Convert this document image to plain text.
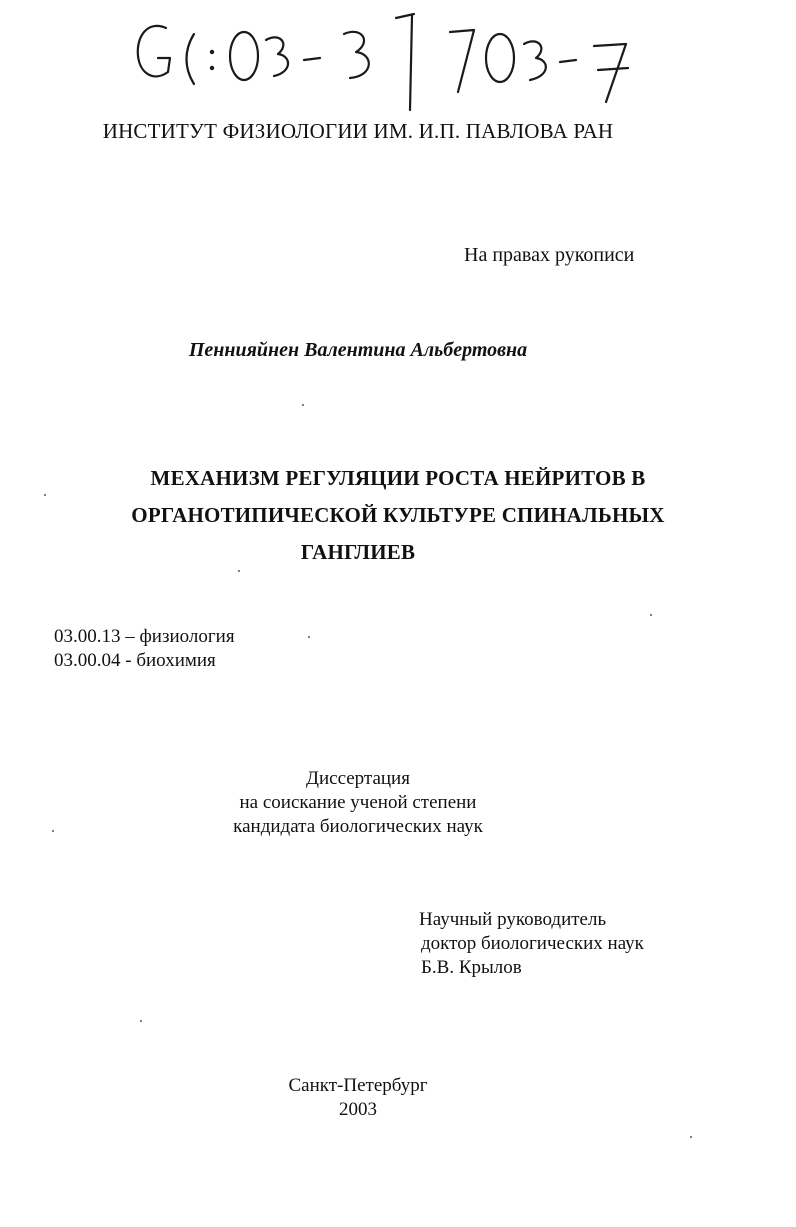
ИНСТИТУТ ФИЗИОЛОГИИ ИМ. И.П. ПАВЛОВА РАН
На правах рукописи
Пеннияйнен Валентина Альбертовна
МЕХАНИЗМ РЕГУЛЯЦИИ РОСТА НЕЙРИТОВ В
ОРГАНОТИПИЧЕСКОЙ КУЛЬТУРЕ СПИНАЛЬНЫХ
ГАНГЛИЕВ
03.00.13 – физиология
03.00.04 - биохимия
Диссертация
на соискание ученой степени
кандидата биологических наук
Научный руководитель
доктор биологических наук
Б.В. Крылов
Санкт-Петербург
2003
